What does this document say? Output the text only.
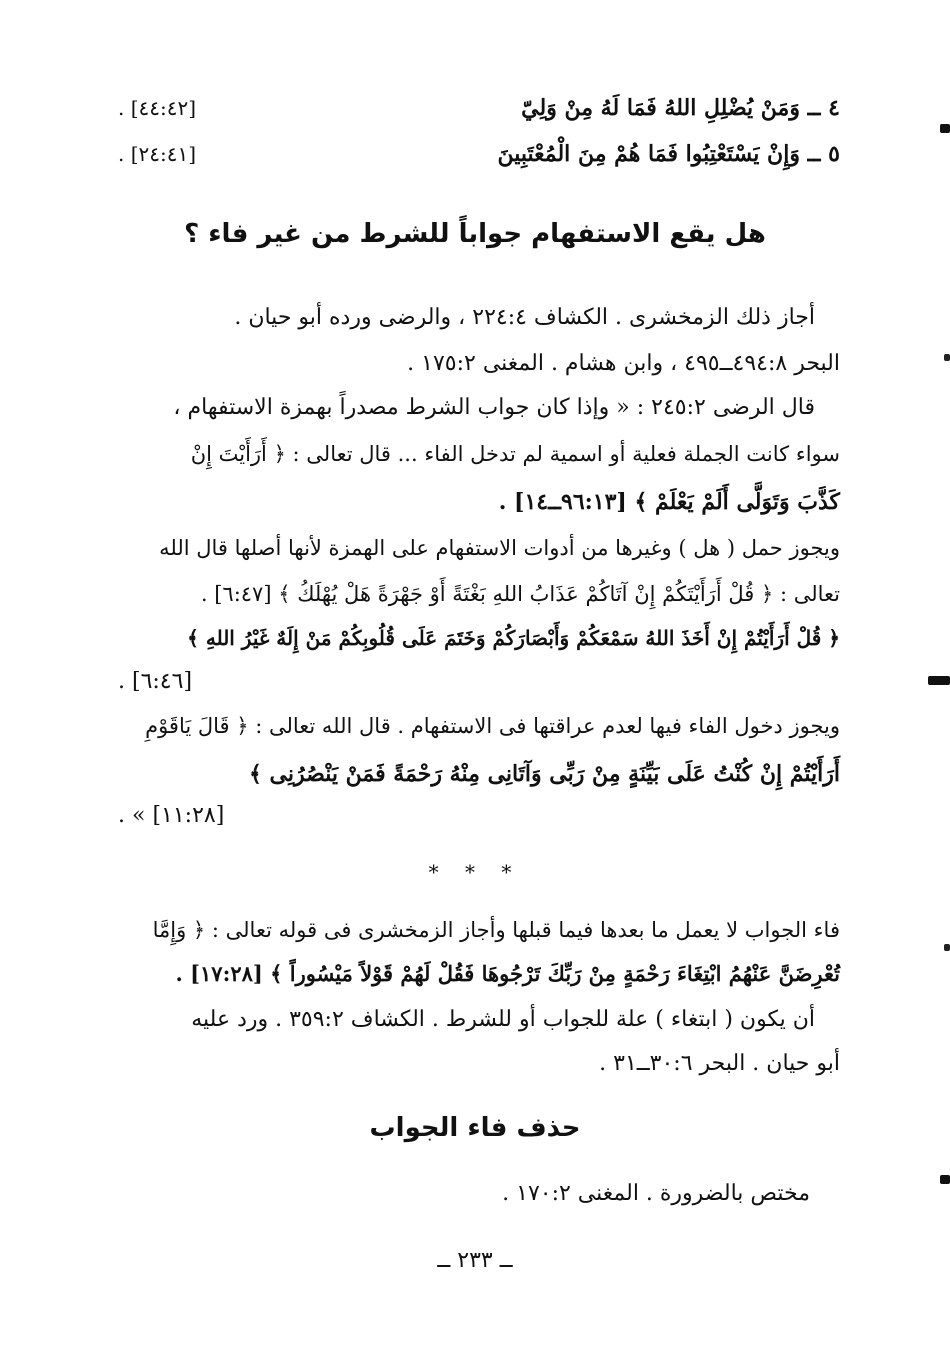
٤ ــ وَمَنْ يُضْلِلِ اللهُ فَمَا لَهُ مِنْ وَلِيّ
[٤٤:٤٢] .
٥ ــ وَإِنْ يَسْتَعْتِبُوا فَمَا هُمْ مِنَ الْمُعْتَبِينَ
[٢٤:٤١] .
هل يقع الاستفهام جواباً للشرط من غير فاء ؟
أجاز ذلك الزمخشرى . الكشاف ٢٢٤:٤ ، والرضى ورده أبو حيان .
البحر ٤٩٤:٨ــ٤٩٥ ، وابن هشام . المغنى ١٧٥:٢ .
قال الرضى ٢٤٥:٢ : « وإذا كان جواب الشرط مصدراً بهمزة الاستفهام ،
سواء كانت الجملة فعلية أو اسمية لم تدخل الفاء ... قال تعالى : ﴿ أَرَأَيْتَ إِنْ
كَذَّبَ وَتَوَلَّى أَلَمْ يَعْلَمْ ﴾ [٩٦:١٣ــ١٤] .
ويجوز حمل ( هل ) وغيرها من أدوات الاستفهام على الهمزة لأنها أصلها قال الله
تعالى : ﴿ قُلْ أَرَأَيْتَكُمْ إِنْ آتَاكُمْ عَذَابُ اللهِ بَغْتَةً أَوْ جَهْرَةً هَلْ يُهْلَكُ ﴾ [٦:٤٧] .
﴿ قُلْ أَرَأَيْتُمْ إِنْ أَخَذَ اللهُ سَمْعَكُمْ وَأَبْصَارَكُمْ وَخَتَمَ عَلَى قُلُوبِكُمْ مَنْ إِلَهٌ غَيْرُ اللهِ ﴾
[٦:٤٦] .
ويجوز دخول الفاء فيها لعدم عراقتها فى الاستفهام . قال الله تعالى : ﴿ قَالَ يَاقَوْمِ
أَرَأَيْتُمْ إِنْ كُنْتُ عَلَى بَيِّنَةٍ مِنْ رَبِّى وَآتَانِى مِنْهُ رَحْمَةً فَمَنْ يَنْصُرُنِى ﴾
[١١:٢٨] » .
* * *
فاء الجواب لا يعمل ما بعدها فيما قبلها وأجاز الزمخشرى فى قوله تعالى : ﴿ وَإِمَّا
تُعْرِضَنَّ عَنْهُمُ ابْتِغَاءَ رَحْمَةٍ مِنْ رَبِّكَ تَرْجُوهَا فَقُلْ لَهُمْ قَوْلاً مَيْسُوراً ﴾ [١٧:٢٨] .
أن يكون ( ابتغاء ) علة للجواب أو للشرط . الكشاف ٣٥٩:٢ . ورد عليه
أبو حيان . البحر ٣٠:٦ــ٣١ .
حذف فاء الجواب
مختص بالضرورة . المغنى ١٧٠:٢ .
ــ ٢٣٣ ــ
